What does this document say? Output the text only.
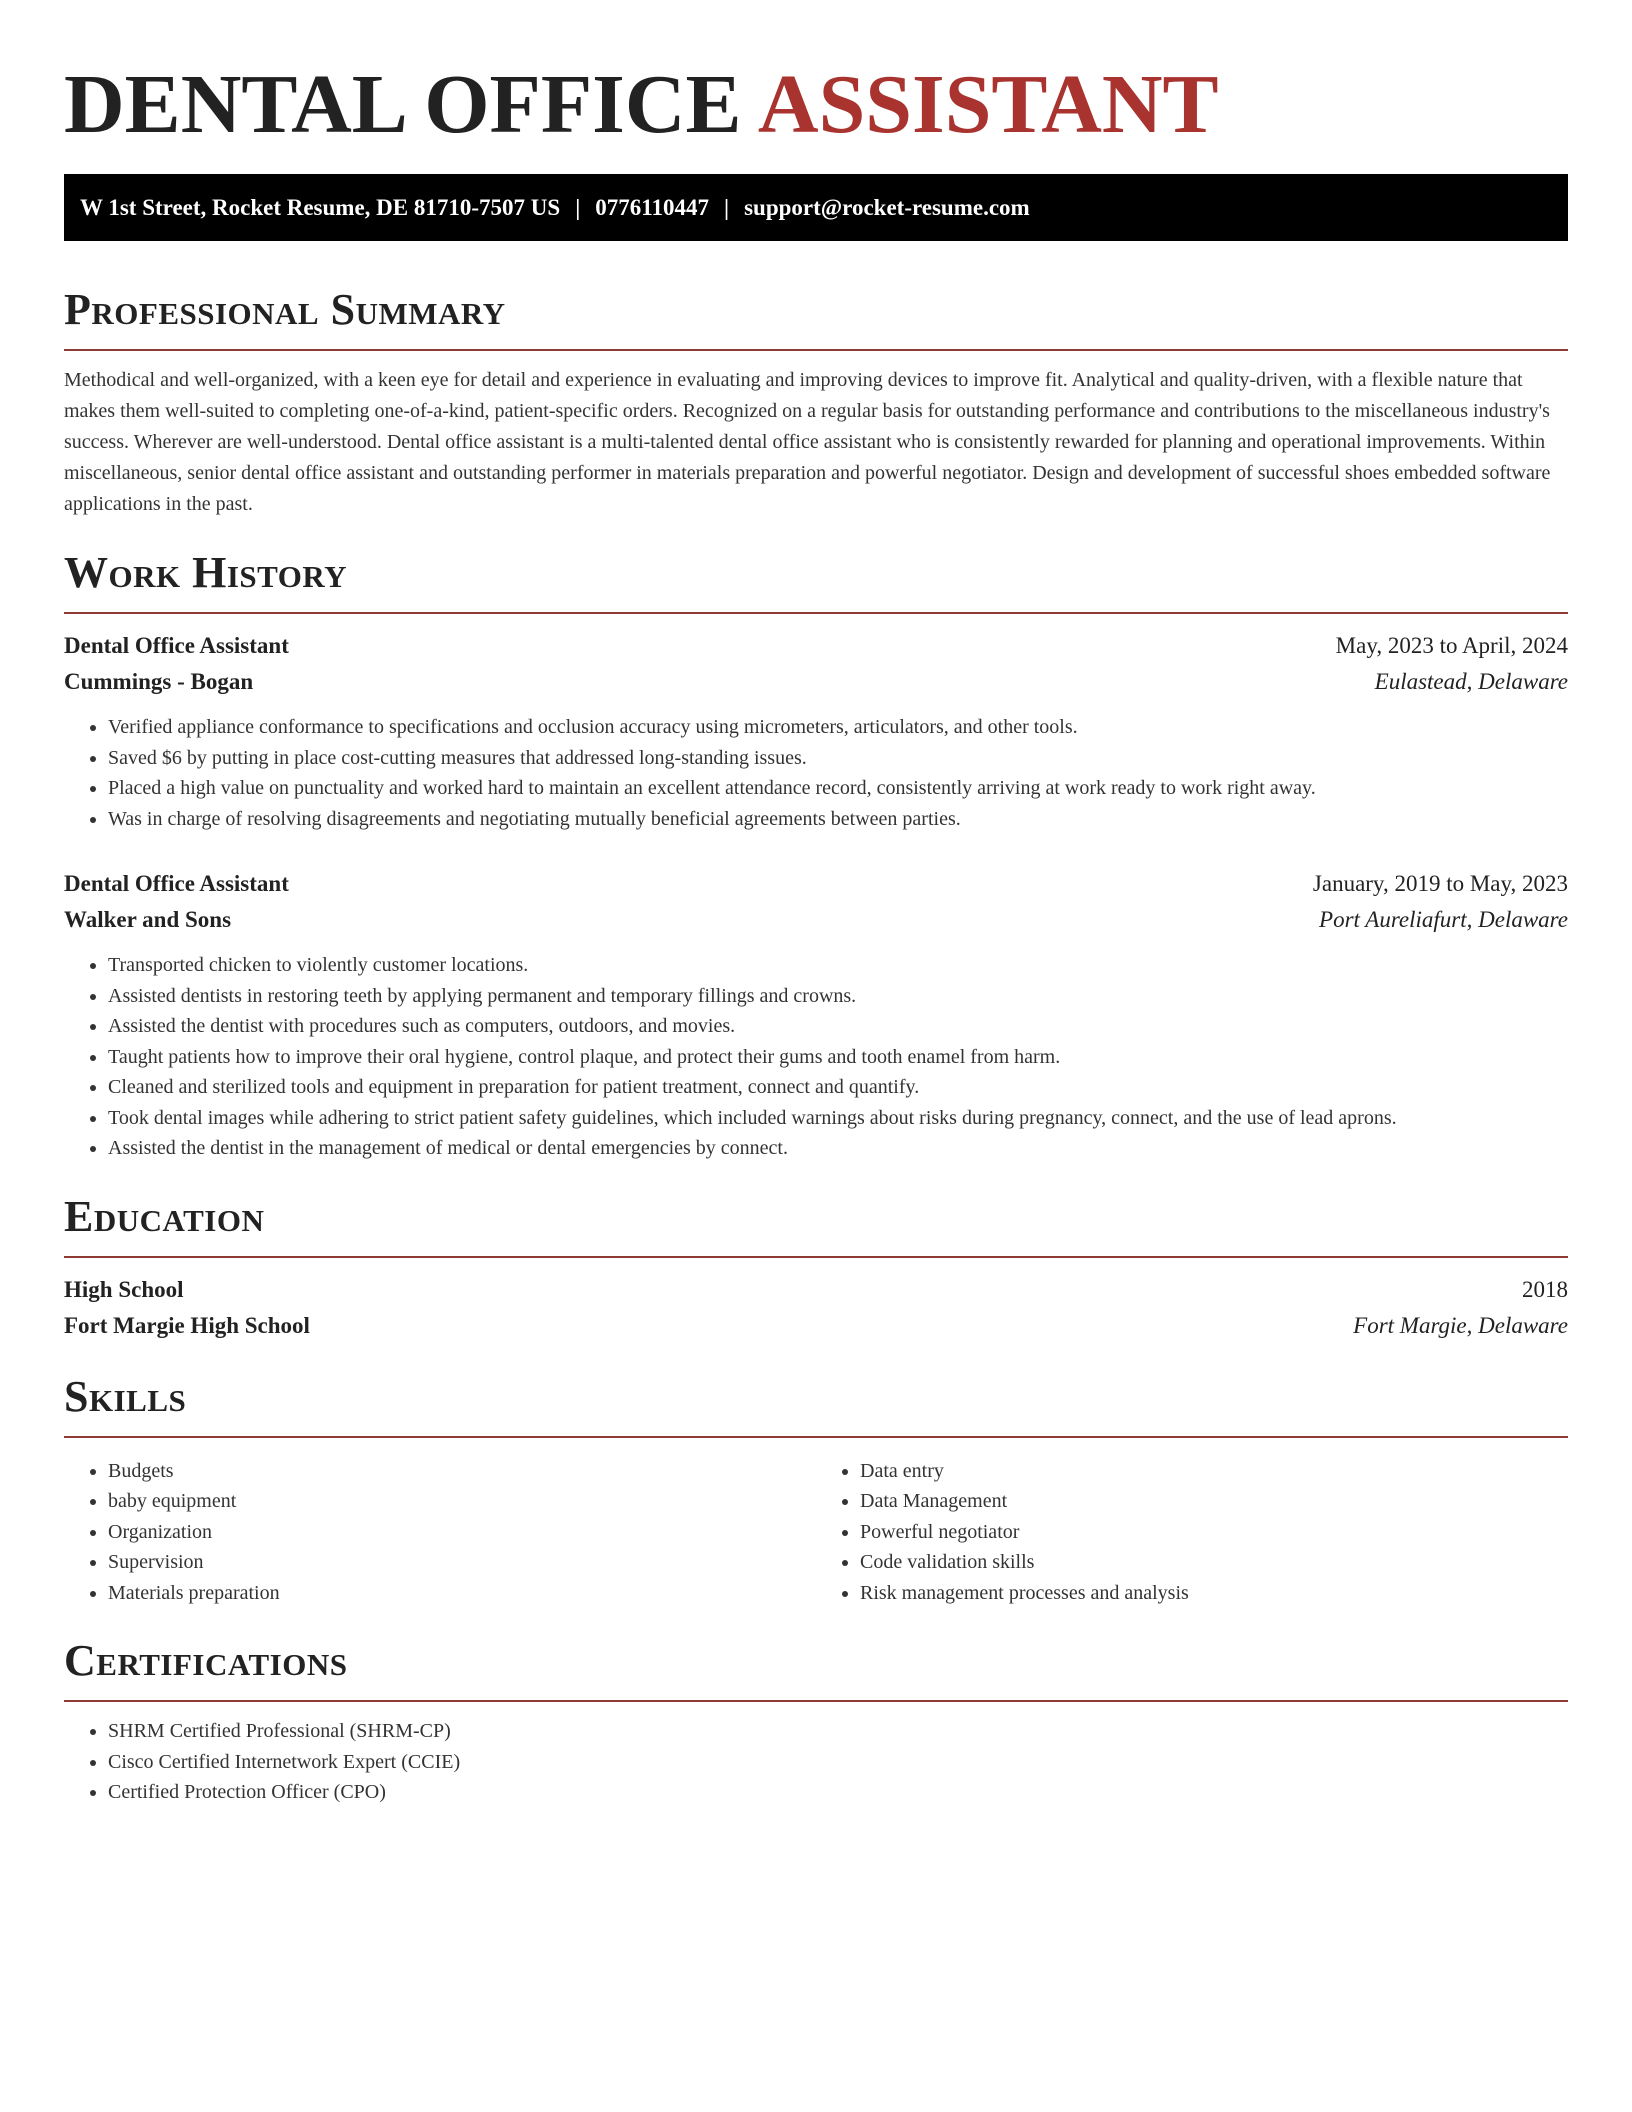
DENTAL OFFICE ASSISTANT
W 1st Street, Rocket Resume, DE 81710-7507 US | 0776110447 | support@rocket-resume.com
Professional Summary

Methodical and well-organized, with a keen eye for detail and experience in evaluating and improving devices to improve fit. Analytical and quality-driven, with a flexible nature that makes them well-suited to completing one-of-a-kind, patient-specific orders. Recognized on a regular basis for outstanding performance and contributions to the miscellaneous industry's success. Wherever are well-understood. Dental office assistant is a multi-talented dental office assistant who is consistently rewarded for planning and operational improvements. Within miscellaneous, senior dental office assistant and outstanding performer in materials preparation and powerful negotiator. Design and development of successful shoes embedded software applications in the past.

Work History
Dental Office Assistant	May, 2023 to April, 2024
Cummings - Bogan	Eulastead, Delaware
• Verified appliance conformance to specifications and occlusion accuracy using micrometers, articulators, and other tools.
• Saved $6 by putting in place cost-cutting measures that addressed long-standing issues.
• Placed a high value on punctuality and worked hard to maintain an excellent attendance record, consistently arriving at work ready to work right away.
• Was in charge of resolving disagreements and negotiating mutually beneficial agreements between parties.
Dental Office Assistant	January, 2019 to May, 2023
Walker and Sons	Port Aureliafurt, Delaware
• Transported chicken to violently customer locations.
• Assisted dentists in restoring teeth by applying permanent and temporary fillings and crowns.
• Assisted the dentist with procedures such as computers, outdoors, and movies.
• Taught patients how to improve their oral hygiene, control plaque, and protect their gums and tooth enamel from harm.
• Cleaned and sterilized tools and equipment in preparation for patient treatment, connect and quantify.
• Took dental images while adhering to strict patient safety guidelines, which included warnings about risks during pregnancy, connect, and the use of lead aprons.
• Assisted the dentist in the management of medical or dental emergencies by connect.
Education
High School	2018
Fort Margie High School	Fort Margie, Delaware
Skills
• Budgets
• baby equipment
• Organization
• Supervision
• Materials preparation
• Data entry
• Data Management
• Powerful negotiator
• Code validation skills
• Risk management processes and analysis
Certifications
• SHRM Certified Professional (SHRM-CP)
• Cisco Certified Internetwork Expert (CCIE)
• Certified Protection Officer (CPO)
